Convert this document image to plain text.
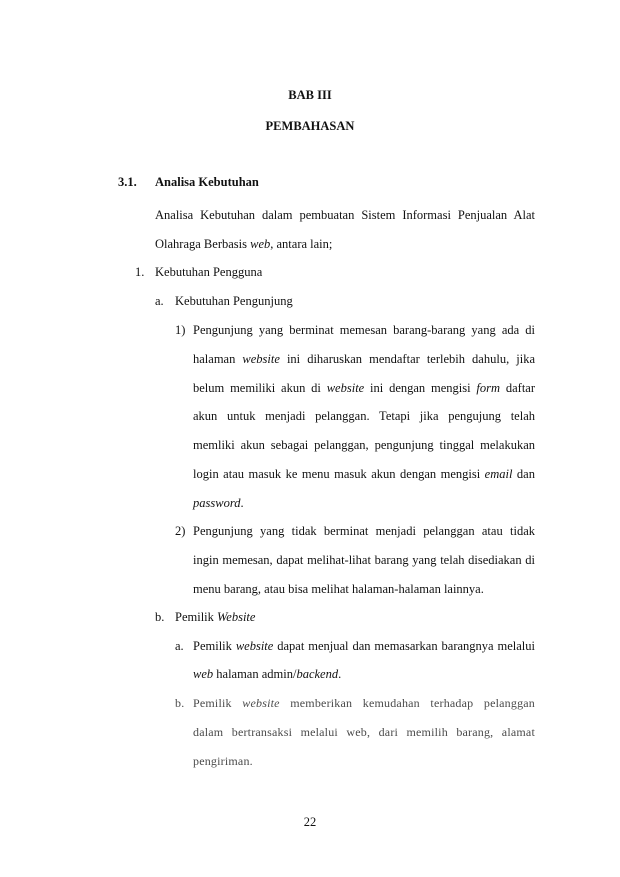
BAB III
PEMBAHASAN
3.1. Analisa Kebutuhan
Analisa Kebutuhan dalam pembuatan Sistem Informasi Penjualan Alat
Olahraga Berbasis web, antara lain;
1. Kebutuhan Pengguna
a. Kebutuhan Pengunjung
1) Pengunjung yang berminat memesan barang-barang yang ada di
halaman website ini diharuskan mendaftar terlebih dahulu, jika
belum memiliki akun di website ini dengan mengisi form daftar
akun untuk menjadi pelanggan. Tetapi jika pengujung telah
memliki akun sebagai pelanggan, pengunjung tinggal melakukan
login atau masuk ke menu masuk akun dengan mengisi email dan
password.
2) Pengunjung yang tidak berminat menjadi pelanggan atau tidak
ingin memesan, dapat melihat-lihat barang yang telah disediakan di
menu barang, atau bisa melihat halaman-halaman lainnya.
b. Pemilik Website
a. Pemilik website dapat menjual dan memasarkan barangnya melalui
web halaman admin/backend.
b. Pemilik website memberikan kemudahan terhadap pelanggan
dalam bertransaksi melalui web, dari memilih barang, alamat
pengiriman.
22
